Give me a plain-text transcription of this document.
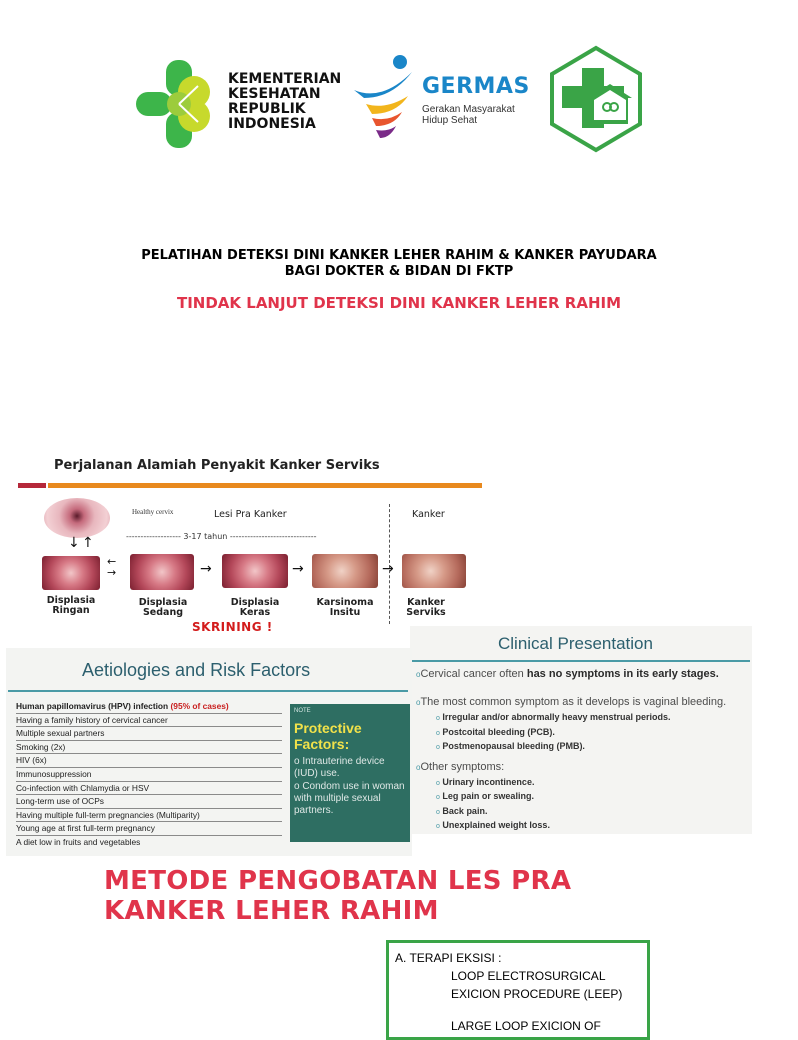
KEMENTERIAN
KESEHATAN
REPUBLIK
INDONESIA
GERMAS
Gerakan Masyarakat
Hidup Sehat
PELATIHAN DETEKSI DINI KANKER LEHER RAHIM & KANKER PAYUDARA
BAGI DOKTER & BIDAN DI FKTP
TINDAK LANJUT DETEKSI DINI KANKER LEHER RAHIM
Perjalanan Alamiah Penyakit Kanker Serviks
Healthy cervix	Lesi Pra Kanker	Kanker
------------------- 3-17 tahun ------------------------------
↓ ↑
←
→	→	→	→
Displasia
Ringan
Displasia
Sedang
Displasia
Keras
Karsinoma
Insitu
Kanker
Serviks
SKRINING !
Clinical Presentation
oCervical cancer often has no symptoms in its early stages.
oThe most common symptom as it develops is vaginal bleeding.
o Irregular and/or abnormally heavy menstrual periods.
o Postcoital bleeding (PCB).
o Postmenopausal bleeding (PMB).
oOther symptoms:
o Urinary incontinence.
o Leg pain or swealing.
o Back pain.
o Unexplained weight loss.
Aetiologies and Risk Factors
Human papillomavirus (HPV) infection (95% of cases)
Having a family history of cervical cancer
Multiple sexual partners
Smoking (2x)
HIV (6x)
Immunosuppression
Co-infection with Chlamydia or HSV
Long-term use of OCPs
Having multiple full-term pregnancies (Multiparity)
Young age at first full-term pregnancy
A diet low in fruits and vegetables
NOTE
Protective Factors:
o Intrauterine device (IUD) use.
o Condom use in woman with multiple sexual partners.
METODE PENGOBATAN LES PRA KANKER LEHER RAHIM
A. TERAPI EKSISI :
LOOP ELECTROSURGICAL
EXICION PROCEDURE (LEEP)
LARGE LOOP EXICION OF
